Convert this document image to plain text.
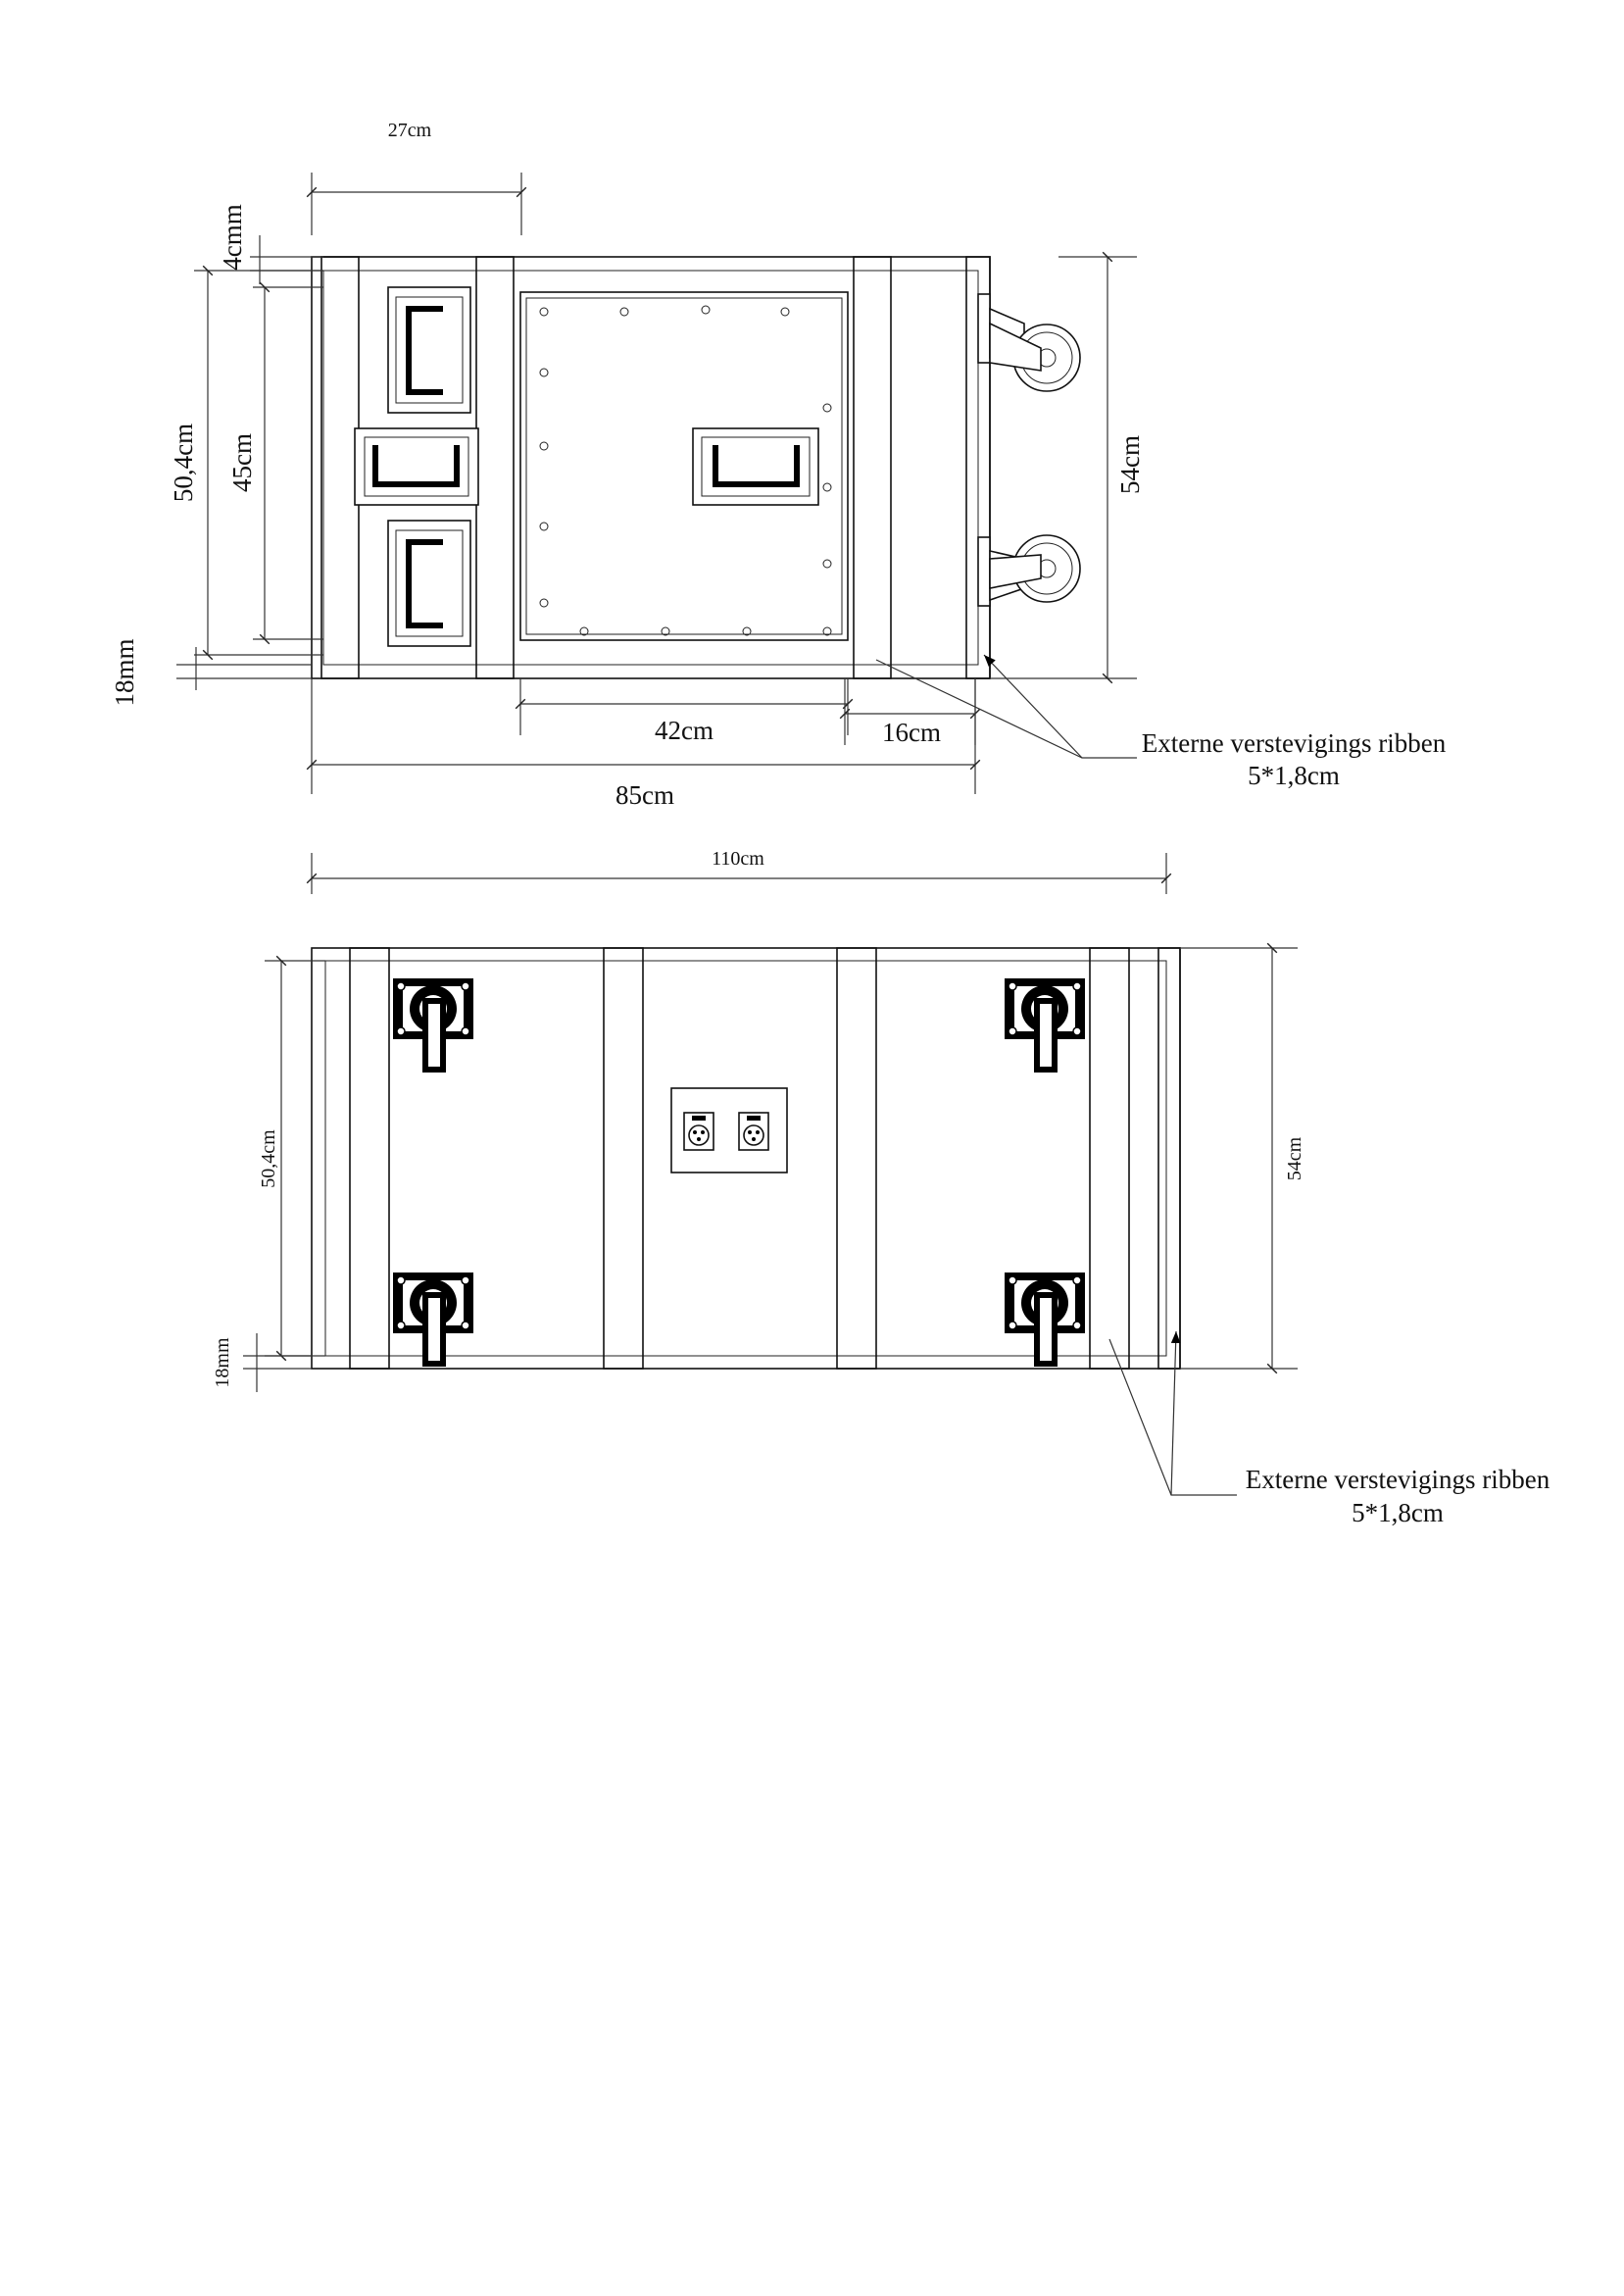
27cm
4cmm
50,4cm 45cm
18mm
42cm	16cm
85cm
54cm
Externe verstevigings ribben
5*1,8cm
110cm
50,4cm
18mm
54cm
Externe verstevigings ribben
5*1,8cm
